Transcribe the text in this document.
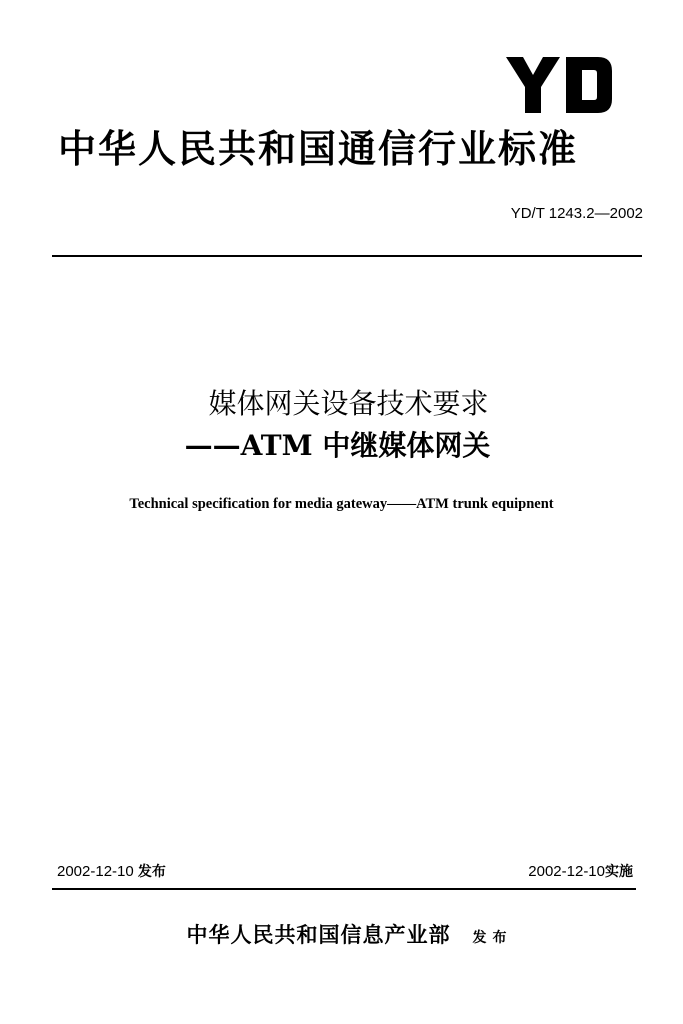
中华人民共和国通信行业标准
YD/T 1243.2—2002
媒体网关设备技术要求
——ATM 中继媒体网关
Technical specification for media gateway——ATM trunk equipnent
2002-12-10 发布	2002-12-10实施
中华人民共和国信息产业部 发布
